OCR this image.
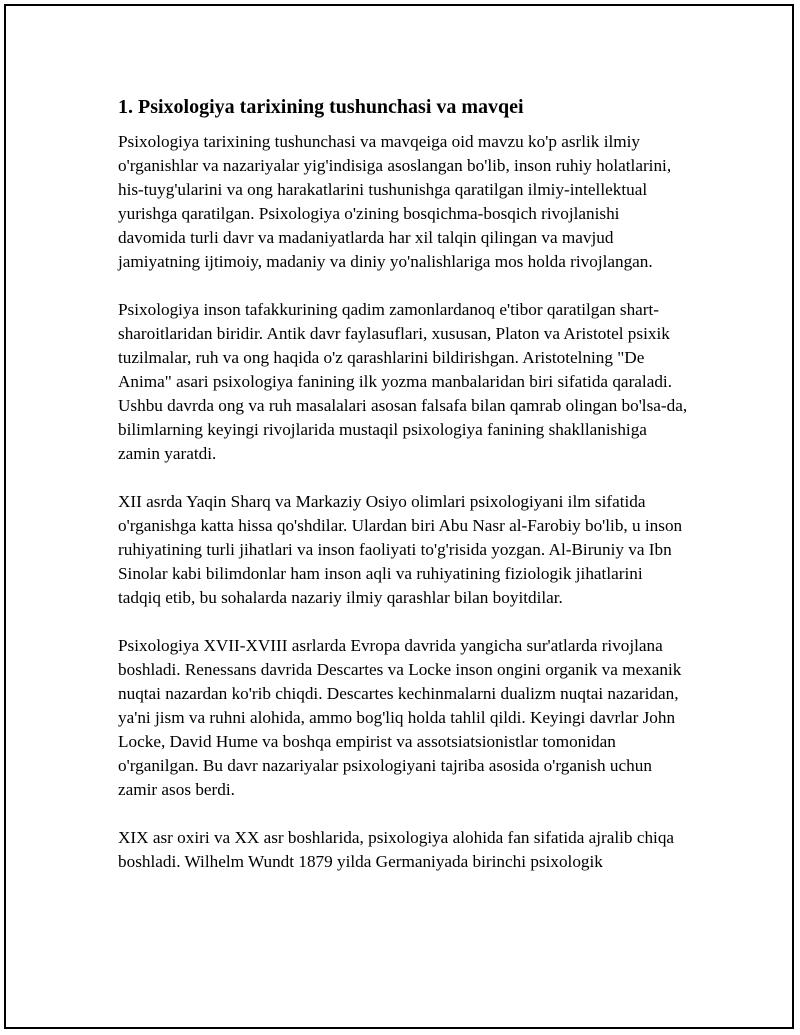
1. Psixologiya tarixining tushunchasi va mavqei

Psixologiya tarixining tushunchasi va mavqeiga oid mavzu ko'p asrlik ilmiy o'rganishlar va nazariyalar yig'indisiga asoslangan bo'lib, inson ruhiy holatlarini, his-tuyg'ularini va ong harakatlarini tushunishga qaratilgan ilmiy-intellektual yurishga qaratilgan. Psixologiya o'zining bosqichma-bosqich rivojlanishi davomida turli davr va madaniyatlarda har xil talqin qilingan va mavjud jamiyatning ijtimoiy, madaniy va diniy yo'nalishlariga mos holda rivojlangan.

Psixologiya inson tafakkurining qadim zamonlardanoq e'tibor qaratilgan shart-sharoitlaridan biridir. Antik davr faylasuflari, xususan, Platon va Aristotel psixik tuzilmalar, ruh va ong haqida o'z qarashlarini bildirishgan. Aristotelning "De Anima" asari psixologiya fanining ilk yozma manbalaridan biri sifatida qaraladi. Ushbu davrda ong va ruh masalalari asosan falsafa bilan qamrab olingan bo'lsa-da, bilimlarning keyingi rivojlarida mustaqil psixologiya fanining shakllanishiga zamin yaratdi.

XII asrda Yaqin Sharq va Markaziy Osiyo olimlari psixologiyani ilm sifatida o'rganishga katta hissa qo'shdilar. Ulardan biri Abu Nasr al-Farobiy bo'lib, u inson ruhiyatining turli jihatlari va inson faoliyati to'g'risida yozgan. Al-Biruniy va Ibn Sinolar kabi bilimdonlar ham inson aqli va ruhiyatining fiziologik jihatlarini tadqiq etib, bu sohalarda nazariy ilmiy qarashlar bilan boyitdilar.

Psixologiya XVII-XVIII asrlarda Evropa davrida yangicha sur'atlarda rivojlana boshladi. Renessans davrida Descartes va Locke inson ongini organik va mexanik nuqtai nazardan ko'rib chiqdi. Descartes kechinmalarni dualizm nuqtai nazaridan, ya'ni jism va ruhni alohida, ammo bog'liq holda tahlil qildi. Keyingi davrlar John Locke, David Hume va boshqa empirist va assotsiatsionistlar tomonidan o'rganilgan. Bu davr nazariyalar psixologiyani tajriba asosida o'rganish uchun zamir asos berdi.

XIX asr oxiri va XX asr boshlarida, psixologiya alohida fan sifatida ajralib chiqa boshladi. Wilhelm Wundt 1879 yilda Germaniyada birinchi psixologik
